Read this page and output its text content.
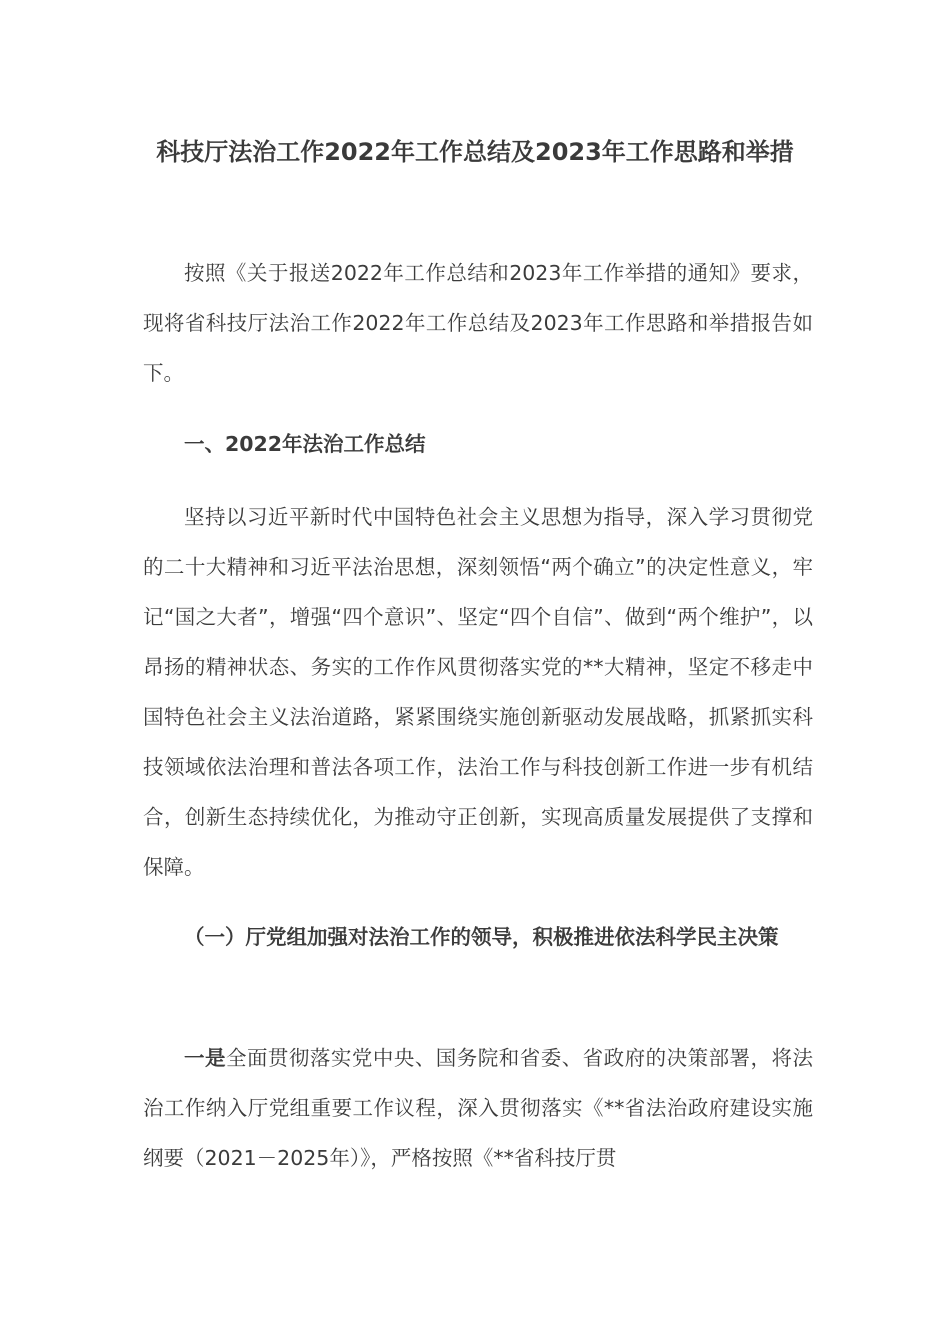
科技厅法治工作2022年工作总结及2023年工作思路和举措

按照《关于报送2022年工作总结和2023年工作举措的通知》要求，现将省科技厅法治工作2022年工作总结及2023年工作思路和举措报告如下。

一、2022年法治工作总结

坚持以习近平新时代中国特色社会主义思想为指导，深入学习贯彻党的二十大精神和习近平法治思想，深刻领悟“两个确立”的决定性意义，牢记“国之大者”，增强“四个意识”、坚定“四个自信”、做到“两个维护”，以昂扬的精神状态、务实的工作作风贯彻落实党的**大精神，坚定不移走中国特色社会主义法治道路，紧紧围绕实施创新驱动发展战略，抓紧抓实科技领域依法治理和普法各项工作，法治工作与科技创新工作进一步有机结合，创新生态持续优化，为推动守正创新，实现高质量发展提供了支撑和保障。

（一）厅党组加强对法治工作的领导，积极推进依法科学民主决策

一是全面贯彻落实党中央、国务院和省委、省政府的决策部署，将法治工作纳入厅党组重要工作议程，深入贯彻落实《**省法治政府建设实施纲要（2021－2025年）》，严格按照《**省科技厅贯
